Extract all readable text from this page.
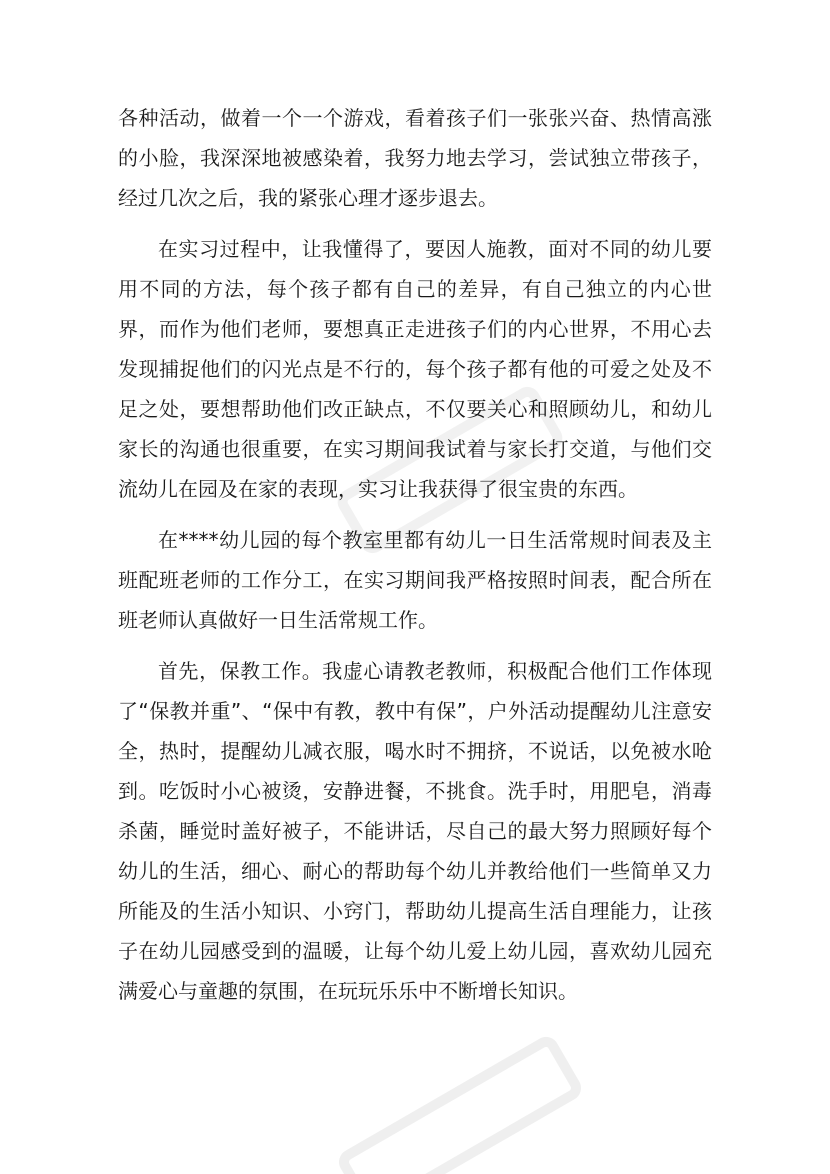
各种活动，做着一个一个游戏，看着孩子们一张张兴奋、热情高涨的小脸，我深深地被感染着，我努力地去学习，尝试独立带孩子，经过几次之后，我的紧张心理才逐步退去。

在实习过程中，让我懂得了，要因人施教，面对不同的幼儿要用不同的方法，每个孩子都有自己的差异，有自己独立的内心世界，而作为他们老师，要想真正走进孩子们的内心世界，不用心去发现捕捉他们的闪光点是不行的，每个孩子都有他的可爱之处及不足之处，要想帮助他们改正缺点，不仅要关心和照顾幼儿，和幼儿家长的沟通也很重要，在实习期间我试着与家长打交道，与他们交流幼儿在园及在家的表现，实习让我获得了很宝贵的东西。

在****幼儿园的每个教室里都有幼儿一日生活常规时间表及主班配班老师的工作分工，在实习期间我严格按照时间表，配合所在班老师认真做好一日生活常规工作。

首先，保教工作。我虚心请教老教师，积极配合他们工作体现了“保教并重”、“保中有教，教中有保”，户外活动提醒幼儿注意安全，热时，提醒幼儿减衣服，喝水时不拥挤，不说话，以免被水呛到。吃饭时小心被烫，安静进餐，不挑食。洗手时，用肥皂，消毒杀菌，睡觉时盖好被子，不能讲话，尽自己的最大努力照顾好每个幼儿的生活，细心、耐心的帮助每个幼儿并教给他们一些简单又力所能及的生活小知识、小窍门，帮助幼儿提高生活自理能力，让孩子在幼儿园感受到的温暖，让每个幼儿爱上幼儿园，喜欢幼儿园充满爱心与童趣的氛围，在玩玩乐乐中不断增长知识。
